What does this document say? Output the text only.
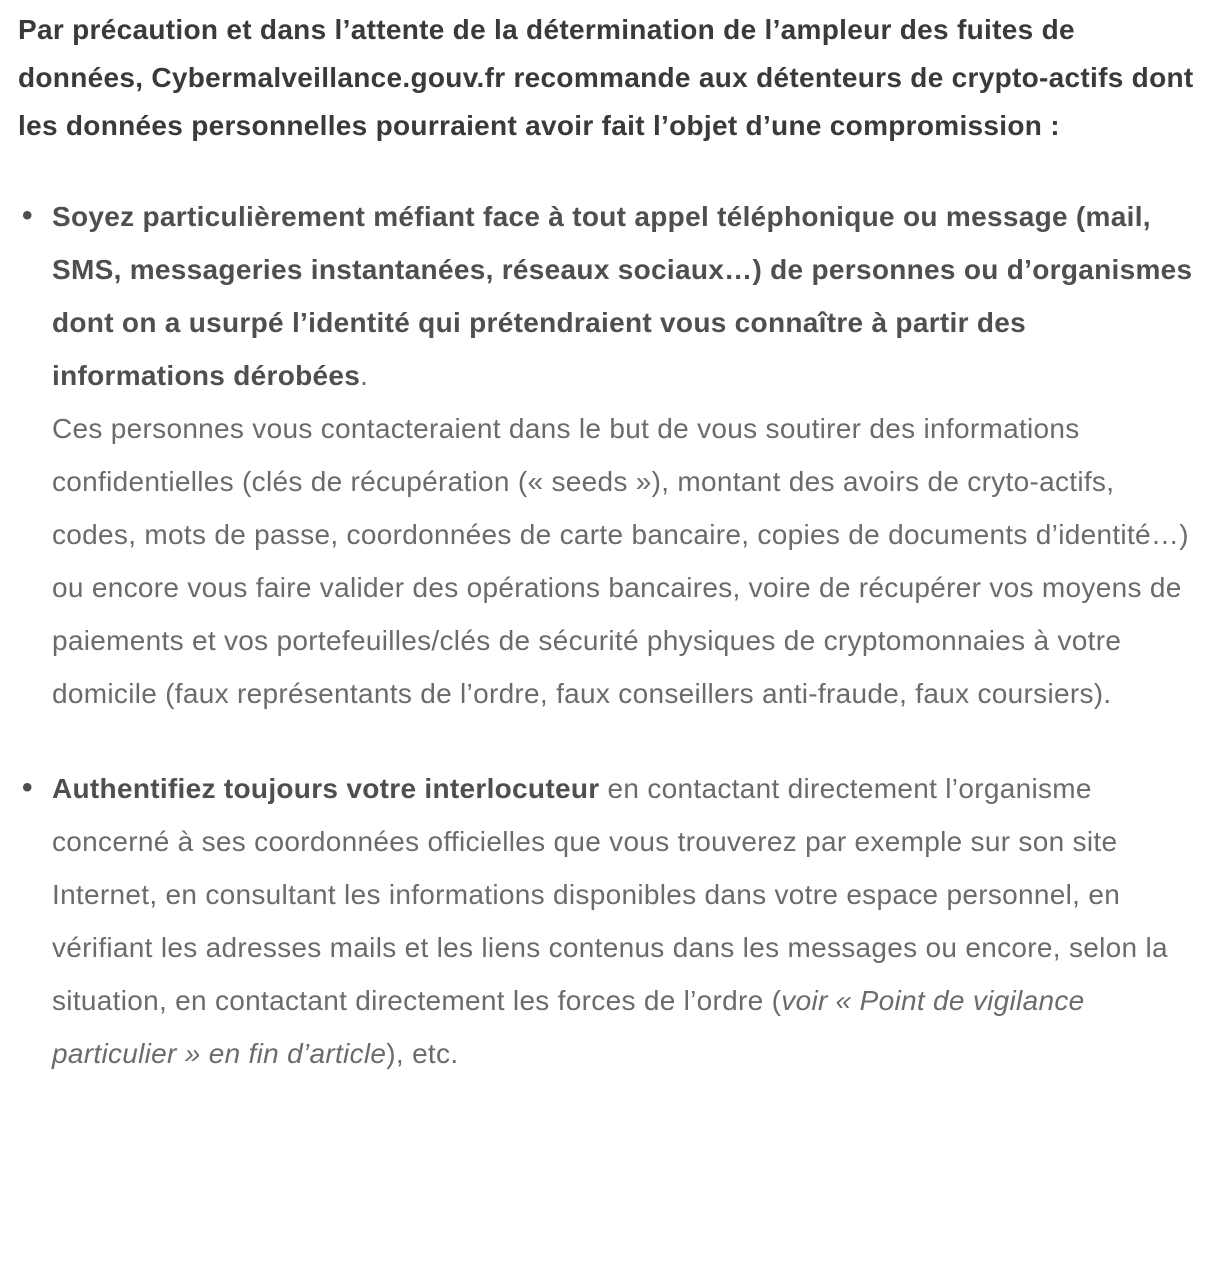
Par précaution et dans l’attente de la détermination de l’ampleur des fuites de données, Cybermalveillance.gouv.fr recommande aux détenteurs de crypto-actifs dont les données personnelles pourraient avoir fait l’objet d’une compromission :

• Soyez particulièrement méfiant face à tout appel téléphonique ou message (mail, SMS, messageries instantanées, réseaux sociaux…) de personnes ou d’organismes dont on a usurpé l’identité qui prétendraient vous connaître à partir des informations dérobées.
Ces personnes vous contacteraient dans le but de vous soutirer des informations confidentielles (clés de récupération (« seeds »), montant des avoirs de cryto-actifs, codes, mots de passe, coordonnées de carte bancaire, copies de documents d’identité…) ou encore vous faire valider des opérations bancaires, voire de récupérer vos moyens de paiements et vos portefeuilles/clés de sécurité physiques de cryptomonnaies à votre domicile (faux représentants de l’ordre, faux conseillers anti-fraude, faux coursiers).
• Authentifiez toujours votre interlocuteur en contactant directement l’organisme concerné à ses coordonnées officielles que vous trouverez par exemple sur son site Internet, en consultant les informations disponibles dans votre espace personnel, en vérifiant les adresses mails et les liens contenus dans les messages ou encore, selon la situation, en contactant directement les forces de l’ordre (voir « Point de vigilance particulier » en fin d’article), etc.
